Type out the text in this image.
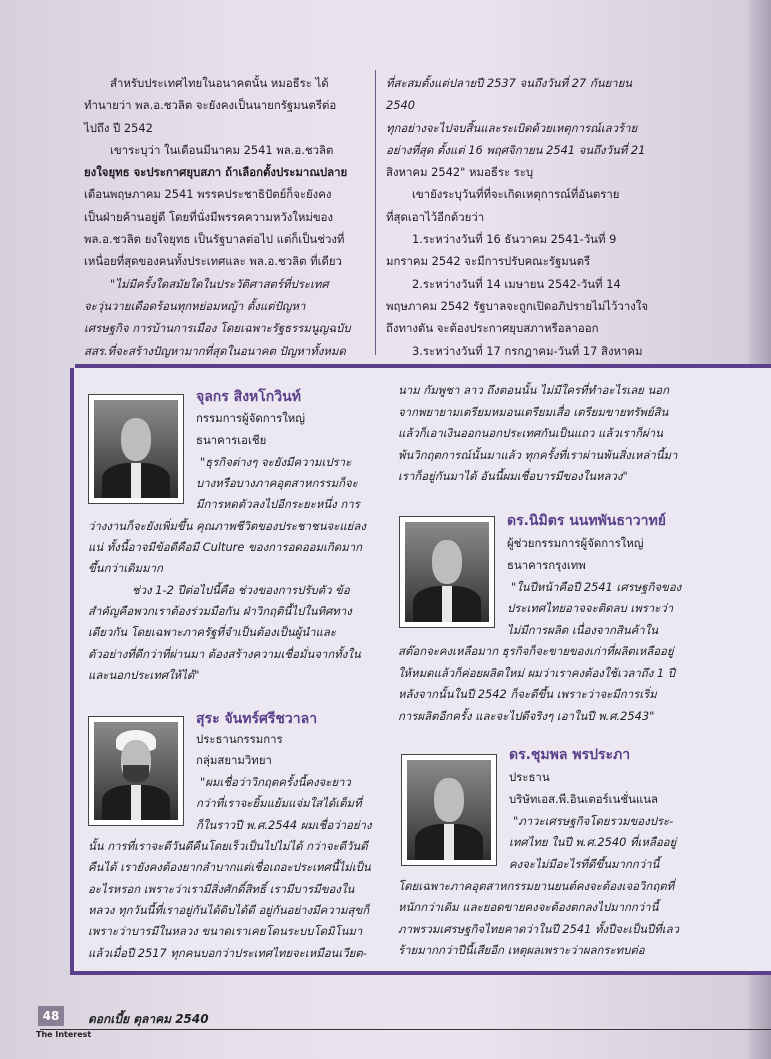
สำหรับประเทศไทยในอนาคตนั้น หมอธีระ ได้

ทำนายว่า พล.อ.ชวลิต จะยังคงเป็นนายกรัฐมนตรีต่อ

ไปถึง ปี 2542

เขาระบุว่า ในเดือนมีนาคม 2541 พล.อ.ชวลิต

ยงใจยุทธ จะประกาศยุบสภา ถ้าเลือกตั้งประมาณปลาย

เดือนพฤษภาคม 2541 พรรคประชาธิปัตย์ก็จะยังคง

เป็นฝ่ายค้านอยู่ดี โดยที่นั่งมีพรรคความหวังใหม่ของ

พล.อ.ชวลิต ยงใจยุทธ เป็นรัฐบาลต่อไป แต่ก็เป็นช่วงที่

เหนื่อยที่สุดของคนทั้งประเทศและ พล.อ.ชวลิต ที่เดียว

"ไม่มีครั้งใดสมัยใดในประวัติศาสตร์ที่ประเทศ

จะวุ่นวายเดือดร้อนทุกหย่อมหญ้า ตั้งแต่ปัญหา

เศรษฐกิจ การบ้านการเมือง โดยเฉพาะรัฐธรรมนูญฉบับ

สสร.ที่จะสร้างปัญหามากที่สุดในอนาคต ปัญหาทั้งหมด

ที่สะสมตั้งแต่ปลายปี 2537 จนถึงวันที่ 27 กันยายน 2540

ทุกอย่างจะไปจบสิ้นและระเบิดด้วยเหตุการณ์เลวร้าย

อย่างที่สุด ตั้งแต่ 16 พฤศจิกายน 2541 จนถึงวันที่ 21

สิงหาคม 2542" หมอธีระ ระบุ

เขายังระบุวันที่ที่จะเกิดเหตุการณ์ที่อันตราย

ที่สุดเอาไว้อีกด้วยว่า

1.ระหว่างวันที่ 16 ธันวาคม 2541-วันที่ 9

มกราคม 2542 จะมีการปรับคณะรัฐมนตรี

2.ระหว่างวันที่ 14 เมษายน 2542-วันที่ 14

พฤษภาคม 2542 รัฐบาลจะถูกเปิดอภิปรายไม่ไว้วางใจ

ถึงทางตัน จะต้องประกาศยุบสภาหรือลาออก

3.ระหว่างวันที่ 17 กรกฎาคม-วันที่ 17 สิงหาคม

จุลกร สิงหโกวินท์
กรรมการผู้จัดการใหญ่
ธนาคารเอเชีย
"ธุรกิจต่างๆ จะยังมีความเปราะ
บางหรือบางภาคอุตสาหกรรมก็จะ
มีการหดตัวลงไปอีกระยะหนึ่ง การ
ว่างงานก็จะยังเพิ่มขึ้น คุณภาพชีวิตของประชาชนจะแย่ลง
แน่ ทั้งนี้อาจมีข้อดีคือมี Culture ของการอดออมเกิดมาก
ขึ้นกว่าเดิมมาก
ช่วง 1-2 ปีต่อไปนี้คือ ช่วงของการปรับตัว ข้อ
สำคัญคือพวกเราต้องร่วมมือกัน ฝ่าวิกฤตินี้ไปในทิศทาง
เดียวกัน โดยเฉพาะภาครัฐที่จำเป็นต้องเป็นผู้นำและ
ตัวอย่างที่ดีกว่าที่ผ่านมา ต้องสร้างความเชื่อมั่นจากทั้งใน
และนอกประเทศให้ได้"
สุระ จันทร์ศรีชวาลา
ประธานกรรมการ
กลุ่มสยามวิทยา
"ผมเชื่อว่าวิกฤตครั้งนี้คงจะยาว
กว่าที่เราจะยิ้มแย้มแจ่มใสได้เต็มที่
ก็ในราวปี พ.ศ.2544 ผมเชื่อว่าอย่าง
นั้น การที่เราจะดีวันดีคืนโดยเร็วเป็นไปไม่ได้ กว่าจะดีวันดี
คืนได้ เรายังคงต้องยากลำบากแต่เชื่อเถอะประเทศนี้ไม่เป็น
อะไรหรอก เพราะว่าเรามีสิ่งศักดิ์สิทธิ์ เรามีบารมีของใน
หลวง ทุกวันนี้ที่เราอยู่กันได้ดิบได้ดี อยู่กันอย่างมีความสุขก็
เพราะว่าบารมีในหลวง ขนาดเราเคยโดนระบบโดมิโนมา
แล้วเมื่อปี 2517 ทุกคนบอกว่าประเทศไทยจะเหมือนเวียต-
นาม กัมพูชา ลาว ถึงตอนนั้น ไม่มีใครที่ทำอะไรเลย นอก
จากพยายามเตรียมหมอนเตรียมเสื่อ เตรียมขายทรัพย์สิน
แล้วก็เอาเงินออกนอกประเทศกันเป็นแถว แล้วเราก็ผ่าน
พ้นวิกฤตการณ์นั้นมาแล้ว ทุกครั้งที่เราผ่านพ้นสิ่งเหล่านี้มา
เราก็อยู่กันมาได้ อันนี้ผมเชื่อบารมีของในหลวง"
ดร.นิมิตร นนทพันธาวาทย์
ผู้ช่วยกรรมการผู้จัดการใหญ่
ธนาคารกรุงเทพ
"ในปีหน้าคือปี 2541 เศรษฐกิจของ
ประเทศไทยอาจจะติดลบ เพราะว่า
ไม่มีการผลิต เนื่องจากสินค้าใน
สต๊อกจะคงเหลือมาก ธุรกิจก็จะขายของเก่าที่ผลิตเหลืออยู่
ให้หมดแล้วก็ค่อยผลิตใหม่ ผมว่าเราคงต้องใช้เวลาถึง 1 ปี
หลังจากนั้นในปี 2542 ก็จะดีขึ้น เพราะว่าจะมีการเริ่ม
การผลิตอีกครั้ง และจะไปดีจริงๆ เอาในปี พ.ศ.2543"
ดร.ชุมพล พรประภา
ประธาน
บริษัทเอส.พี.อินเตอร์เนชั่นแนล
"ภาวะเศรษฐกิจโดยรวมของประ-
เทศไทย ในปี พ.ศ.2540 ที่เหลืออยู่
คงจะไม่มีอะไรที่ดีขึ้นมากกว่านี้
โดยเฉพาะภาคอุตสาหกรรมยานยนต์คงจะต้องเจอวิกฤตที่
หนักกว่าเดิม และยอดขายคงจะต้องตกลงไปมากกว่านี้
ภาพรวมเศรษฐกิจไทยคาดว่าในปี 2541 ทั้งปีจะเป็นปีที่เลว
ร้ายมากกว่าปีนี้เสียอีก เหตุผลเพราะว่าผลกระทบต่อ
48	ดอกเบี้ย ตุลาคม 2540
The Interest
